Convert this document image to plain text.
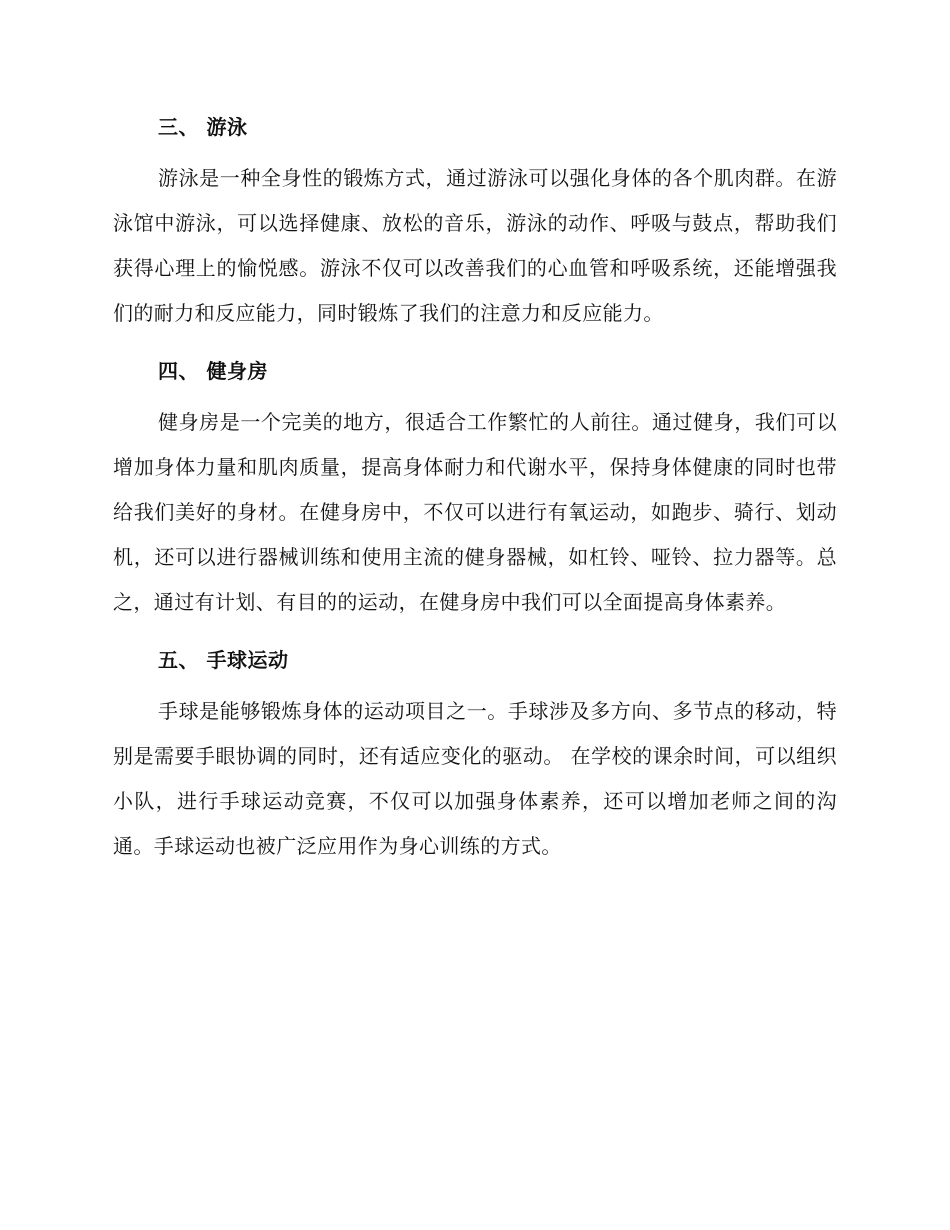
三、 游泳

游泳是一种全身性的锻炼方式，通过游泳可以强化身体的各个肌肉群。在游泳馆中游泳，可以选择健康、放松的音乐，游泳的动作、呼吸与鼓点，帮助我们获得心理上的愉悦感。游泳不仅可以改善我们的心血管和呼吸系统，还能增强我们的耐力和反应能力，同时锻炼了我们的注意力和反应能力。

四、 健身房

健身房是一个完美的地方，很适合工作繁忙的人前往。通过健身，我们可以增加身体力量和肌肉质量，提高身体耐力和代谢水平，保持身体健康的同时也带给我们美好的身材。在健身房中，不仅可以进行有氧运动，如跑步、骑行、划动机，还可以进行器械训练和使用主流的健身器械，如杠铃、哑铃、拉力器等。总之，通过有计划、有目的的运动，在健身房中我们可以全面提高身体素养。

五、 手球运动

手球是能够锻炼身体的运动项目之一。手球涉及多方向、多节点的移动，特别是需要手眼协调的同时，还有适应变化的驱动。 在学校的课余时间，可以组织小队，进行手球运动竞赛，不仅可以加强身体素养，还可以增加老师之间的沟通。手球运动也被广泛应用作为身心训练的方式。
